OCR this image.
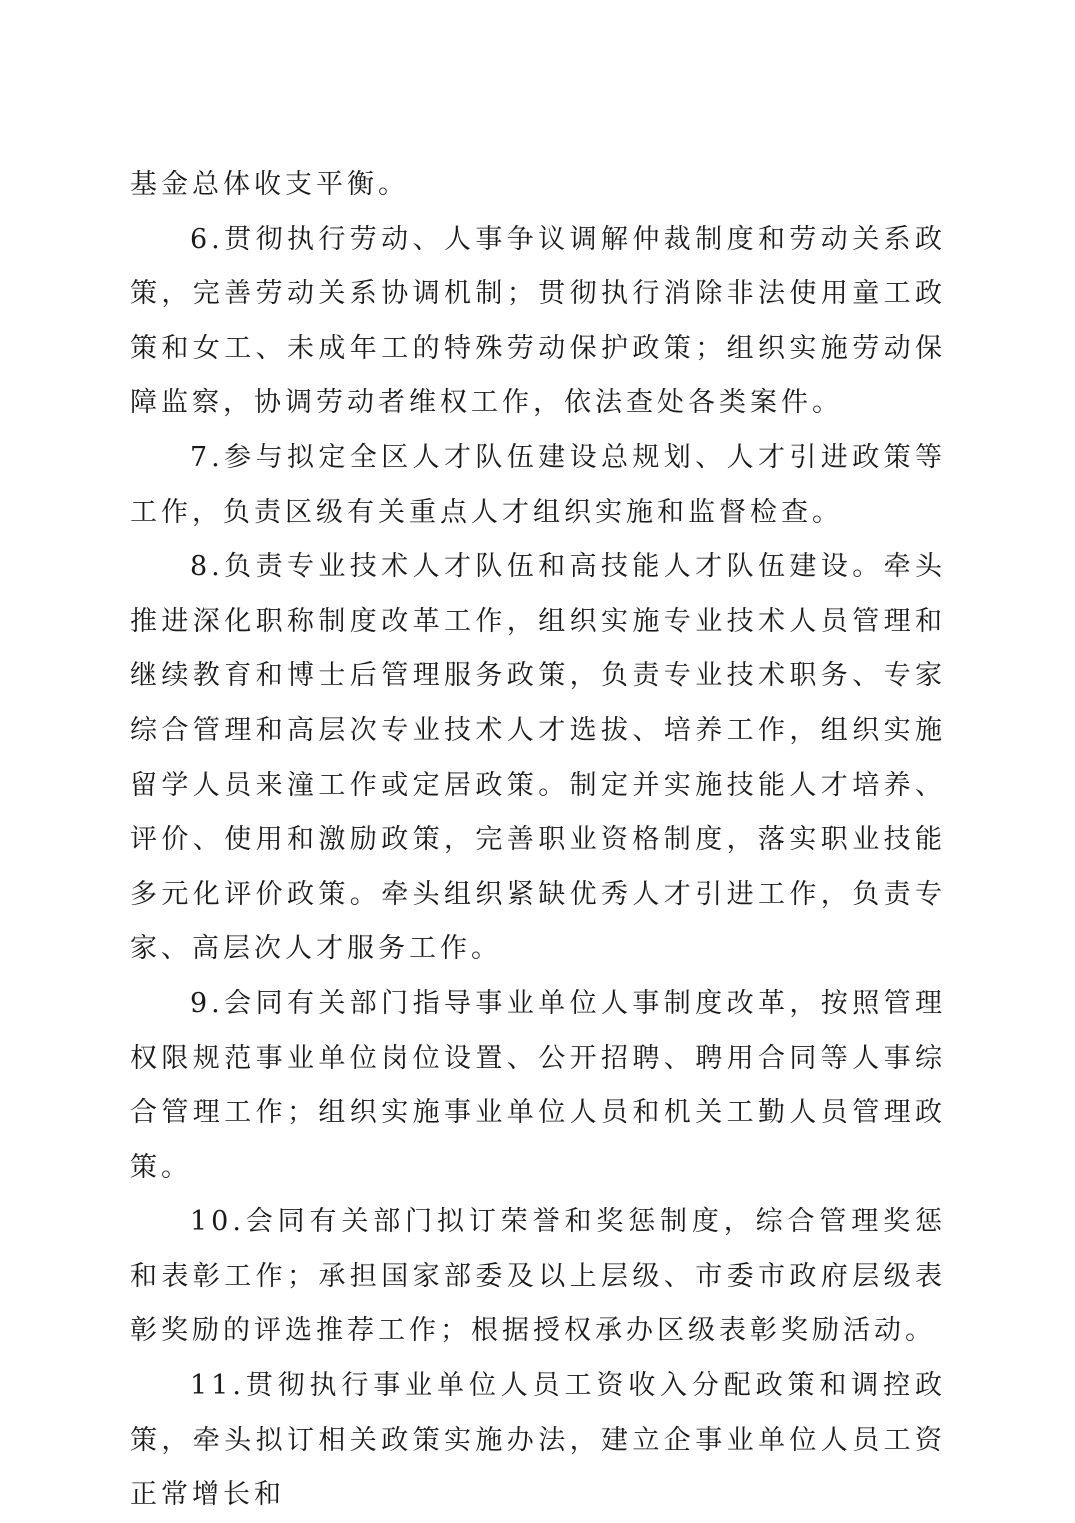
基金总体收支平衡。

6.贯彻执行劳动、人事争议调解仲裁制度和劳动关系政策，完善劳动关系协调机制；贯彻执行消除非法使用童工政策和女工、未成年工的特殊劳动保护政策；组织实施劳动保障监察，协调劳动者维权工作，依法查处各类案件。

7.参与拟定全区人才队伍建设总规划、人才引进政策等工作，负责区级有关重点人才组织实施和监督检查。

8.负责专业技术人才队伍和高技能人才队伍建设。牵头推进深化职称制度改革工作，组织实施专业技术人员管理和继续教育和博士后管理服务政策，负责专业技术职务、专家综合管理和高层次专业技术人才选拔、培养工作，组织实施留学人员来潼工作或定居政策。制定并实施技能人才培养、评价、使用和激励政策，完善职业资格制度，落实职业技能多元化评价政策。牵头组织紧缺优秀人才引进工作，负责专家、高层次人才服务工作。

9.会同有关部门指导事业单位人事制度改革，按照管理权限规范事业单位岗位设置、公开招聘、聘用合同等人事综合管理工作；组织实施事业单位人员和机关工勤人员管理政策。

10.会同有关部门拟订荣誉和奖惩制度，综合管理奖惩和表彰工作；承担国家部委及以上层级、市委市政府层级表彰奖励的评选推荐工作；根据授权承办区级表彰奖励活动。

11.贯彻执行事业单位人员工资收入分配政策和调控政策，牵头拟订相关政策实施办法，建立企事业单位人员工资正常增长和
